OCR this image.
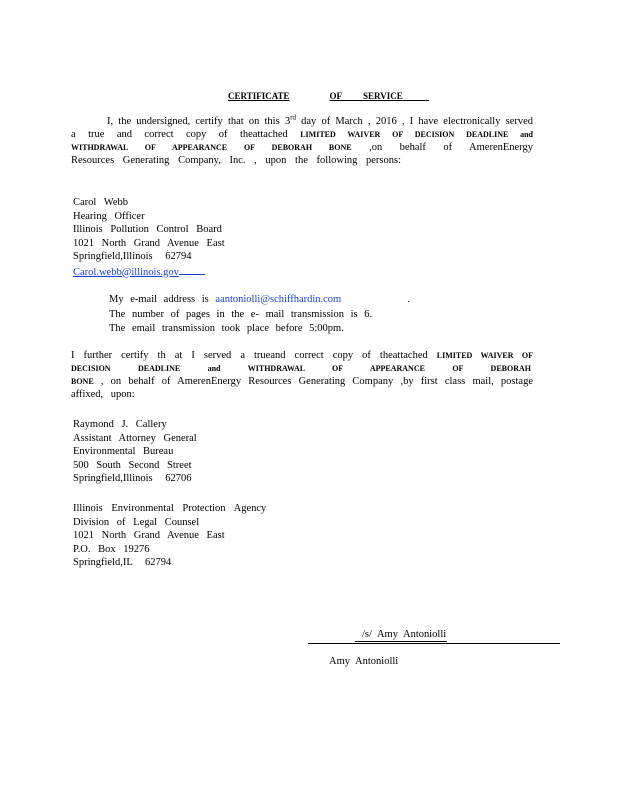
CERTIFICATE	OF SERVICE
I, the undersigned, certify that on this 3rd day of March , 2016 , I have electronically served
a true and correct copy of theattached LIMITED WAIVER OF DECISION DEADLINE and
WITHDRAWAL OF APPEARANCE OF DEBORAH BONE ,on behalf of AmerenEnergy
Resources Generating Company, Inc. , upon the following persons:
Carol Webb
Hearing Officer
Illinois Pollution Control Board
1021 North Grand Avenue East
Springfield,Illinois 62794
Carol.webb@illinois.gov
My e-mail address is aantoniolli@schiffhardin.com	.
The number of pages in the e- mail transmission is 6.
The email transmission took place before 5:00pm.
I further certify th at I served a trueand correct copy of theattached LIMITED WAIVER OF
DECISION DEADLINE and WITHDRAWAL OF APPEARANCE OF DEBORAH
BONE , on behalf of AmerenEnergy Resources Generating Company ,by first class mail, postage
affixed, upon:
Raymond J. Callery
Assistant Attorney General
Environmental Bureau
500 South Second Street
Springfield,Illinois 62706
Illinois Environmental Protection Agency
Division of Legal Counsel
1021 North Grand Avenue East
P.O. Box 19276
Springfield,IL 62794
/s/ Amy Antoniolli
Amy Antoniolli
